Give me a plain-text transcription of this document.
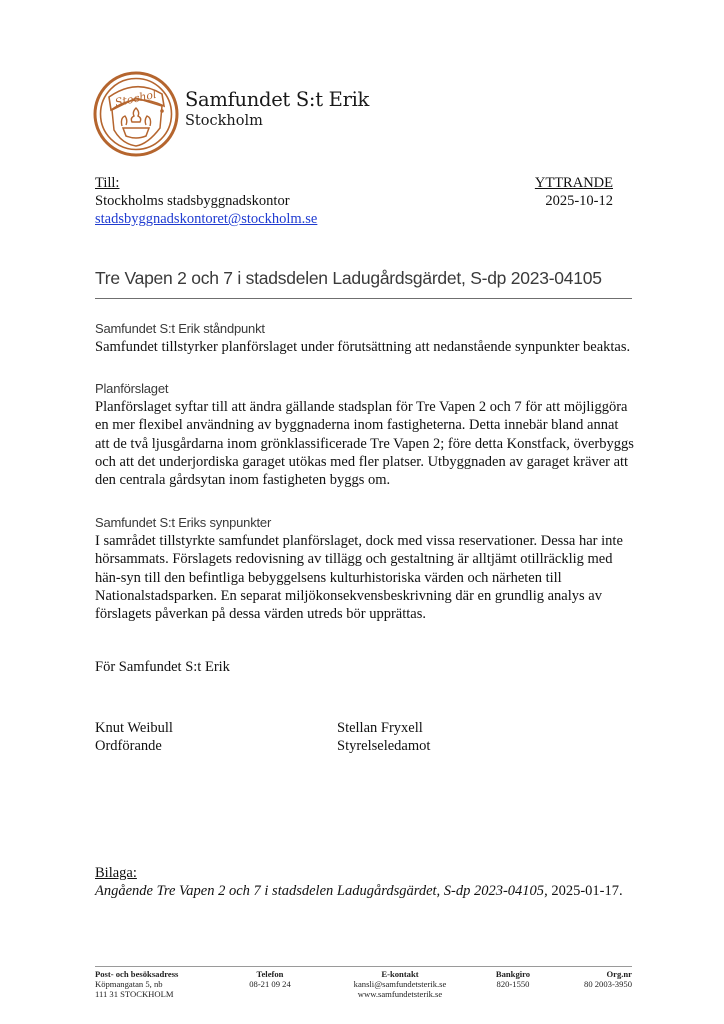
Stochol Samfundet S:t Erik
Stockholm
Till:
Stockholms stadsbyggnadskontor
stadsbyggnadskontoret@stockholm.se
YTTRANDE
2025-10-12
Tre Vapen 2 och 7 i stadsdelen Ladugårdsgärdet, S-dp 2023-04105
Samfundet S:t Erik ståndpunkt

Samfundet tillstyrker planförslaget under förutsättning att nedanstående synpunkter beaktas.

Planförslaget

Planförslaget syftar till att ändra gällande stadsplan för Tre Vapen 2 och 7 för att möjliggöra en mer flexibel användning av byggnaderna inom fastigheterna. Detta innebär bland annat att de två ljusgårdarna inom grönklassificerade Tre Vapen 2; före detta Konstfack, överbyggs och att det underjordiska garaget utökas med fler platser. Utbyggnaden av garaget kräver att den centrala gårdsytan inom fastigheten byggs om.

Samfundet S:t Eriks synpunkter

I samrådet tillstyrkte samfundet planförslaget, dock med vissa reservationer. Dessa har inte hörsammats. Förslagets redovisning av tillägg och gestaltning är alltjämt otillräcklig med hän-syn till den befintliga bebyggelsens kulturhistoriska värden och närheten till Nationalstadsparken. En separat miljökonsekvensbeskrivning där en grundlig analys av förslagets påverkan på dessa värden utreds bör upprättas.

För Samfundet S:t Erik
Knut Weibull
Ordförande
Stellan Fryxell
Styrelseledamot
Bilaga:
Angående Tre Vapen 2 och 7 i stadsdelen Ladugårdsgärdet, S-dp 2023-04105, 2025-01-17.
Post- och besöksadress
Köpmangatan 5, nb
111 31 STOCKHOLM
Telefon
08-21 09 24
E-kontakt
kansli@samfundetsterik.se
www.samfundetsterik.se
Bankgiro
820-1550
Org.nr
80 2003-3950
